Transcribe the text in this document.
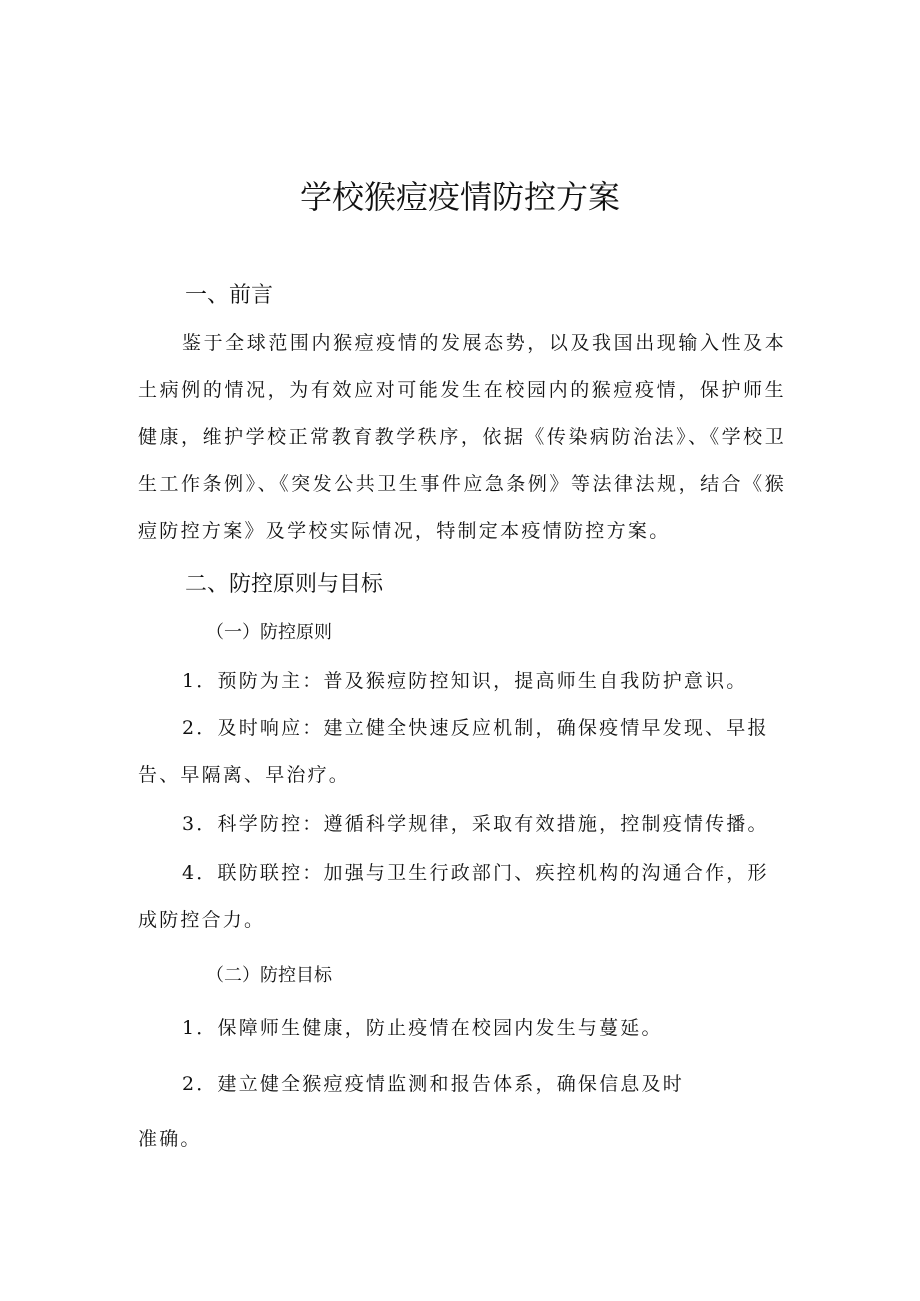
学校猴痘疫情防控方案
一、前言
鉴于全球范围内猴痘疫情的发展态势，以及我国出现输入性及本土病例的情况，为有效应对可能发生在校园内的猴痘疫情，保护师生健康，维护学校正常教育教学秩序，依据《传染病防治法》、《学校卫生工作条例》、《突发公共卫生事件应急条例》等法律法规，结合《猴痘防控方案》及学校实际情况，特制定本疫情防控方案。
二、防控原则与目标
（一）防控原则
1．预防为主：普及猴痘防控知识，提高师生自我防护意识。
2．及时响应：建立健全快速反应机制，确保疫情早发现、早报告、早隔离、早治疗。
3．科学防控：遵循科学规律，采取有效措施，控制疫情传播。
4．联防联控：加强与卫生行政部门、疾控机构的沟通合作，形成防控合力。
（二）防控目标
1．保障师生健康，防止疫情在校园内发生与蔓延。
2．建立健全猴痘疫情监测和报告体系，确保信息及时
准确。
